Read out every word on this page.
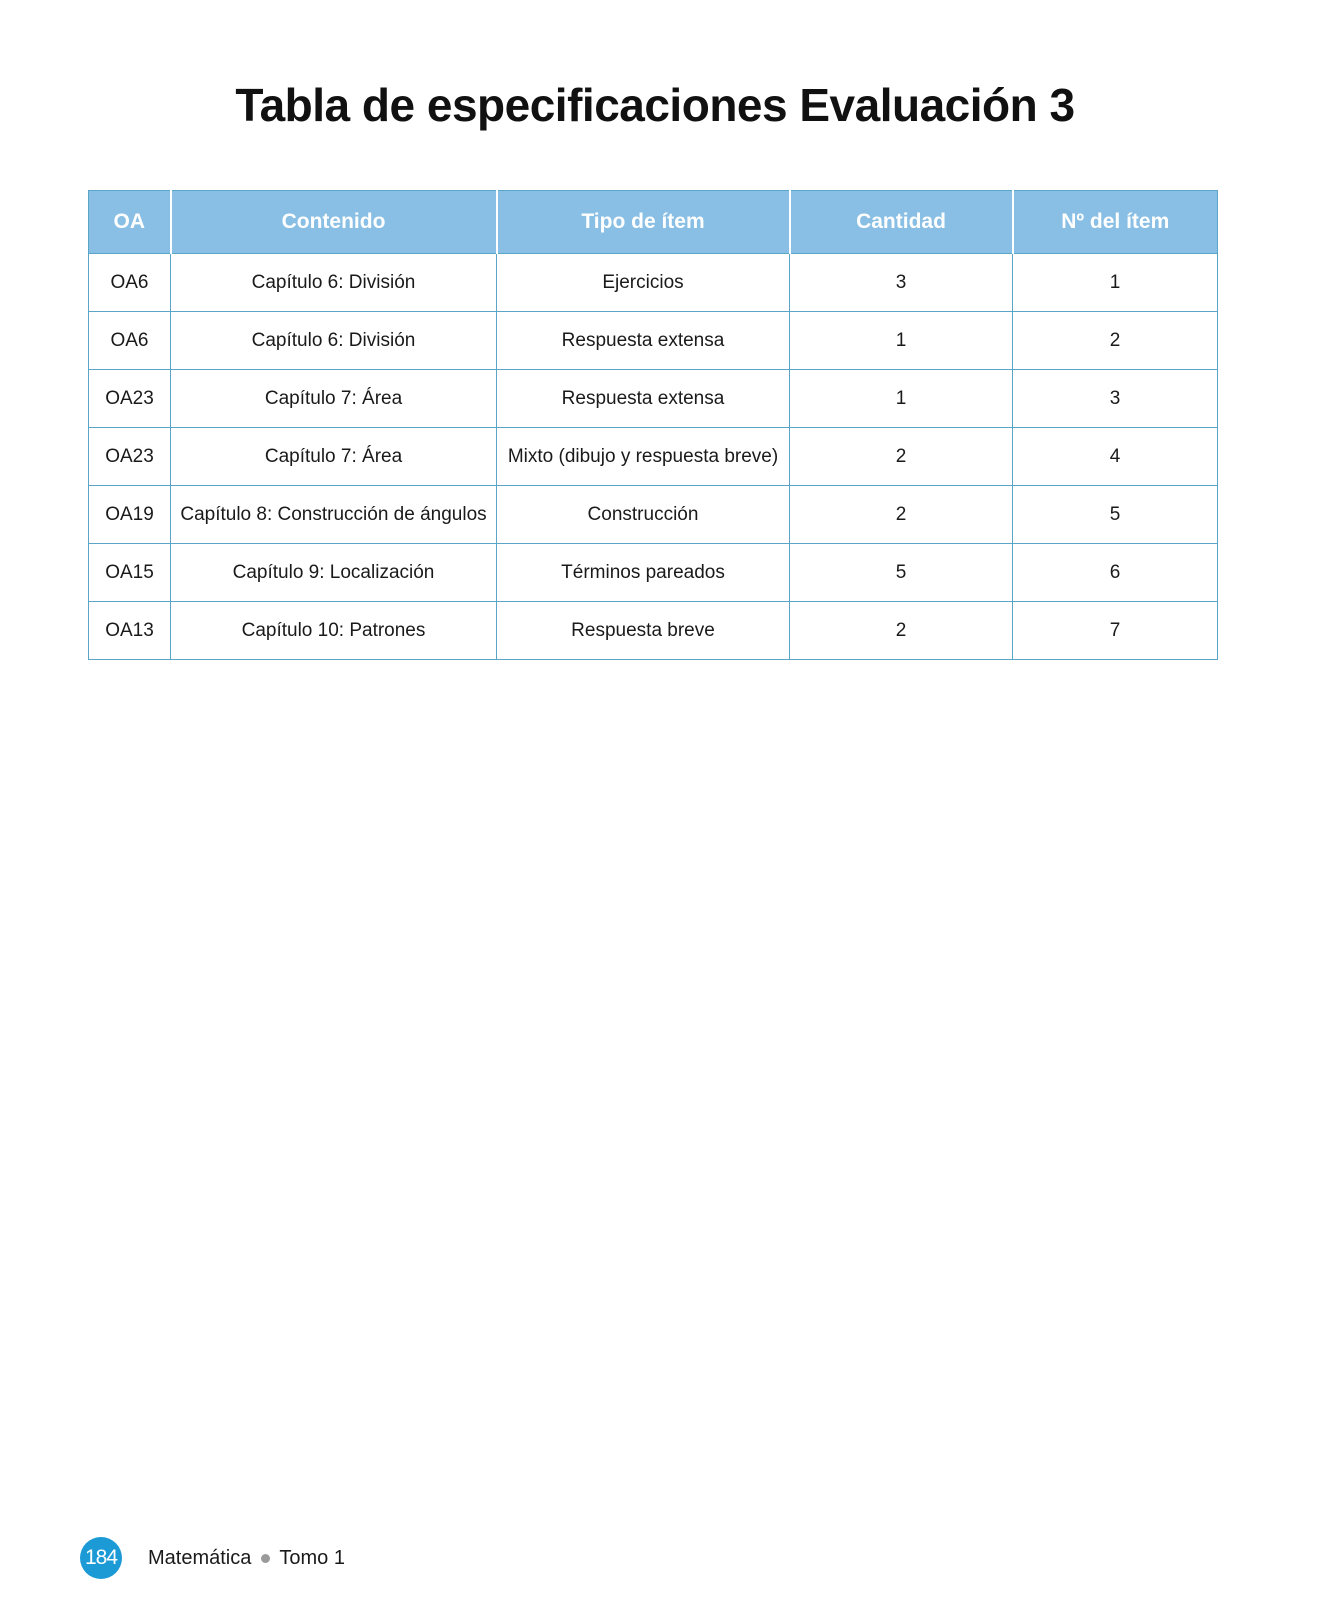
Tabla de especificaciones Evaluación 3
OA	Contenido	Tipo de ítem	Cantidad	Nº del ítem
OA6	Capítulo 6: División	Ejercicios	3	1
OA6	Capítulo 6: División	Respuesta extensa	1	2
OA23	Capítulo 7: Área	Respuesta extensa	1	3
OA23	Capítulo 7: Área	Mixto (dibujo y respuesta breve)	2	4
OA19	Capítulo 8: Construcción de ángulos	Construcción	2	5
OA15	Capítulo 9: Localización	Términos pareados	5	6
OA13	Capítulo 10: Patrones	Respuesta breve	2	7
184 Matemática Tomo 1
